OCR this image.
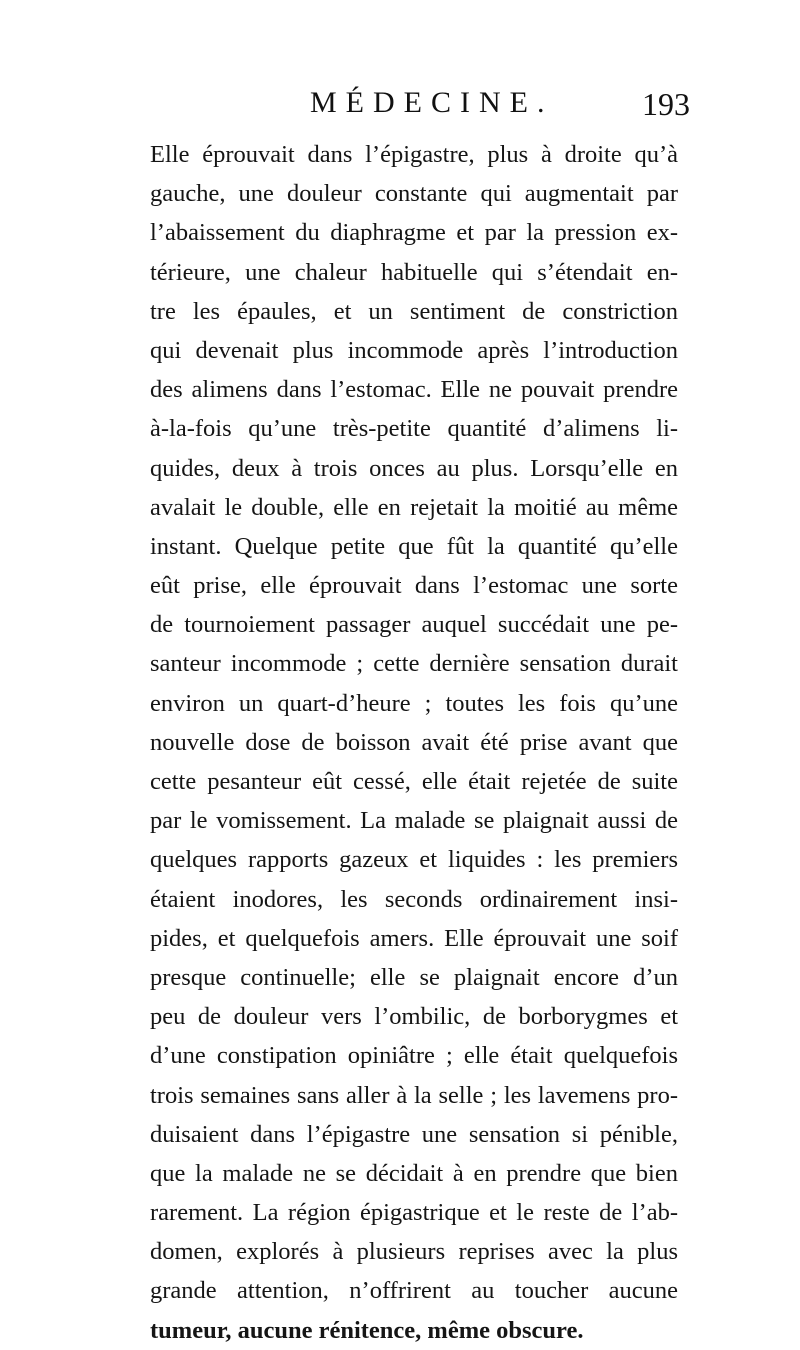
MÉDECINE.	193
Elle éprouvait dans l’épigastre, plus à droite qu’à
gauche, une douleur constante qui augmentait par
l’abaissement du diaphragme et par la pression ex-
térieure, une chaleur habituelle qui s’étendait en-
tre les épaules, et un sentiment de constriction
qui devenait plus incommode après l’introduction
des alimens dans l’estomac. Elle ne pouvait prendre
à-la-fois qu’une très-petite quantité d’alimens li-
quides, deux à trois onces au plus. Lorsqu’elle en
avalait le double, elle en rejetait la moitié au même
instant. Quelque petite que fût la quantité qu’elle
eût prise, elle éprouvait dans l’estomac une sorte
de tournoiement passager auquel succédait une pe-
santeur incommode ; cette dernière sensation durait
environ un quart-d’heure ; toutes les fois qu’une
nouvelle dose de boisson avait été prise avant que
cette pesanteur eût cessé, elle était rejetée de suite
par le vomissement. La malade se plaignait aussi de
quelques rapports gazeux et liquides : les premiers
étaient inodores, les seconds ordinairement insi-
pides, et quelquefois amers. Elle éprouvait une soif
presque continuelle; elle se plaignait encore d’un
peu de douleur vers l’ombilic, de borborygmes et
d’une constipation opiniâtre ; elle était quelquefois
trois semaines sans aller à la selle ; les lavemens pro-
duisaient dans l’épigastre une sensation si pénible,
que la malade ne se décidait à en prendre que bien
rarement. La région épigastrique et le reste de l’ab-
domen, explorés à plusieurs reprises avec la plus
grande attention, n’offrirent au toucher aucune
tumeur, aucune rénitence, même obscure.
